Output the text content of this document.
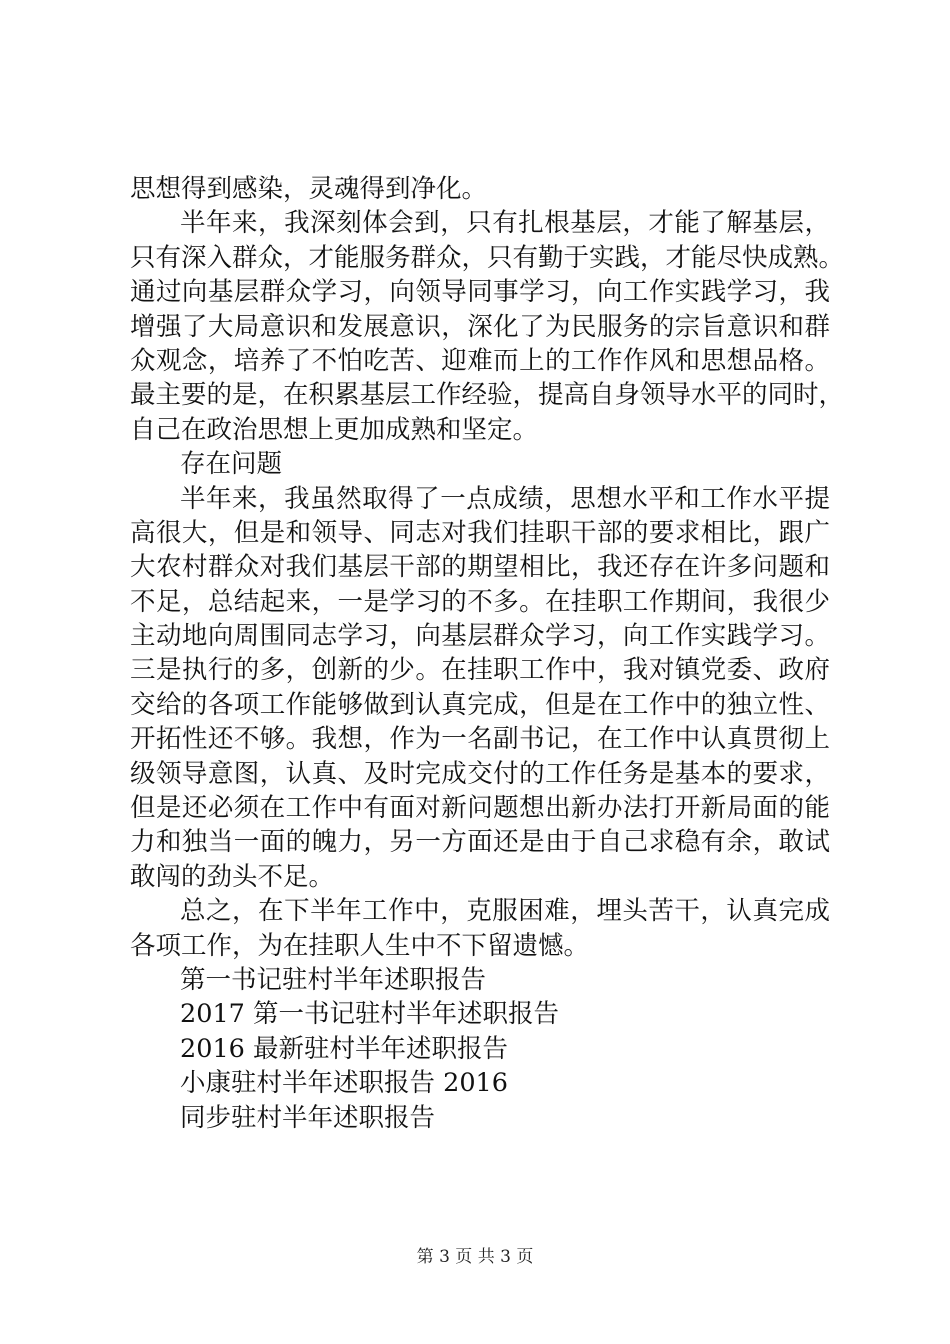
思想得到感染，灵魂得到净化。
半年来，我深刻体会到，只有扎根基层，才能了解基层，
只有深入群众，才能服务群众，只有勤于实践，才能尽快成熟。
通过向基层群众学习，向领导同事学习，向工作实践学习，我
增强了大局意识和发展意识，深化了为民服务的宗旨意识和群
众观念，培养了不怕吃苦、迎难而上的工作作风和思想品格。
最主要的是，在积累基层工作经验，提高自身领导水平的同时，
自己在政治思想上更加成熟和坚定。
存在问题
半年来，我虽然取得了一点成绩，思想水平和工作水平提
高很大，但是和领导、同志对我们挂职干部的要求相比，跟广
大农村群众对我们基层干部的期望相比，我还存在许多问题和
不足，总结起来，一是学习的不多。在挂职工作期间，我很少
主动地向周围同志学习，向基层群众学习，向工作实践学习。
三是执行的多，创新的少。在挂职工作中，我对镇党委、政府
交给的各项工作能够做到认真完成，但是在工作中的独立性、
开拓性还不够。我想，作为一名副书记，在工作中认真贯彻上
级领导意图，认真、及时完成交付的工作任务是基本的要求，
但是还必须在工作中有面对新问题想出新办法打开新局面的能
力和独当一面的魄力，另一方面还是由于自己求稳有余，敢试
敢闯的劲头不足。
总之，在下半年工作中，克服困难，埋头苦干，认真完成
各项工作，为在挂职人生中不下留遗憾。
第一书记驻村半年述职报告
2017 第一书记驻村半年述职报告
2016 最新驻村半年述职报告
小康驻村半年述职报告 2016
同步驻村半年述职报告
第 3 页 共 3 页
